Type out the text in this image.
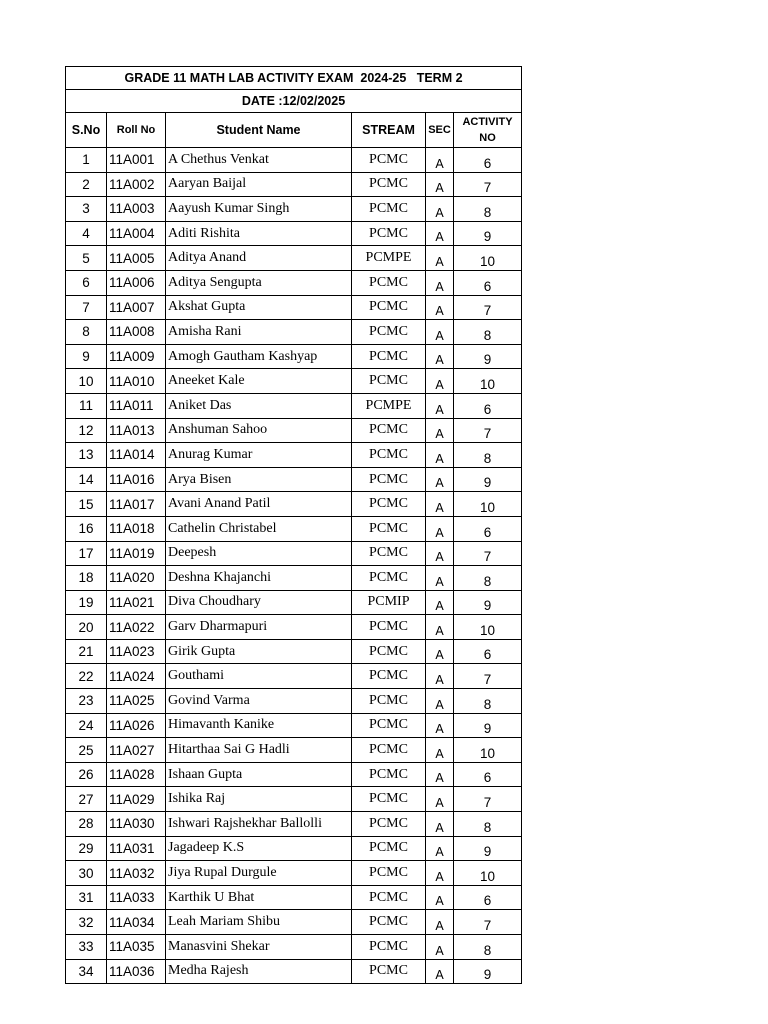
GRADE 11 MATH LAB ACTIVITY EXAM  2024-25   TERM 2					
DATE :12/02/2025					
S.No	Roll No	Student Name	STREAM	SEC	ACTIVITY
NO

1	11A001	A Chethus Venkat	PCMC	A	6
2	11A002	Aaryan Baijal	PCMC	A	7
3	11A003	Aayush Kumar Singh	PCMC	A	8
4	11A004	Aditi Rishita	PCMC	A	9
5	11A005	Aditya Anand	PCMPE	A	10
6	11A006	Aditya Sengupta	PCMC	A	6
7	11A007	Akshat Gupta	PCMC	A	7
8	11A008	Amisha Rani	PCMC	A	8
9	11A009	Amogh Gautham Kashyap	PCMC	A	9
10	11A010	Aneeket Kale	PCMC	A	10
11	11A011	Aniket Das	PCMPE	A	6
12	11A013	Anshuman Sahoo	PCMC	A	7
13	11A014	Anurag Kumar	PCMC	A	8
14	11A016	Arya Bisen	PCMC	A	9
15	11A017	Avani Anand Patil	PCMC	A	10
16	11A018	Cathelin Christabel	PCMC	A	6
17	11A019	Deepesh	PCMC	A	7
18	11A020	Deshna Khajanchi	PCMC	A	8
19	11A021	Diva Choudhary	PCMIP	A	9
20	11A022	Garv Dharmapuri	PCMC	A	10
21	11A023	Girik Gupta	PCMC	A	6
22	11A024	Gouthami	PCMC	A	7
23	11A025	Govind Varma	PCMC	A	8
24	11A026	Himavanth Kanike	PCMC	A	9
25	11A027	Hitarthaa Sai G Hadli	PCMC	A	10
26	11A028	Ishaan Gupta	PCMC	A	6
27	11A029	Ishika Raj	PCMC	A	7
28	11A030	Ishwari Rajshekhar Ballolli	PCMC	A	8
29	11A031	Jagadeep K.S	PCMC	A	9
30	11A032	Jiya Rupal Durgule	PCMC	A	10
31	11A033	Karthik U Bhat	PCMC	A	6
32	11A034	Leah Mariam Shibu	PCMC	A	7
33	11A035	Manasvini Shekar	PCMC	A	8
34	11A036	Medha Rajesh	PCMC	A	9
